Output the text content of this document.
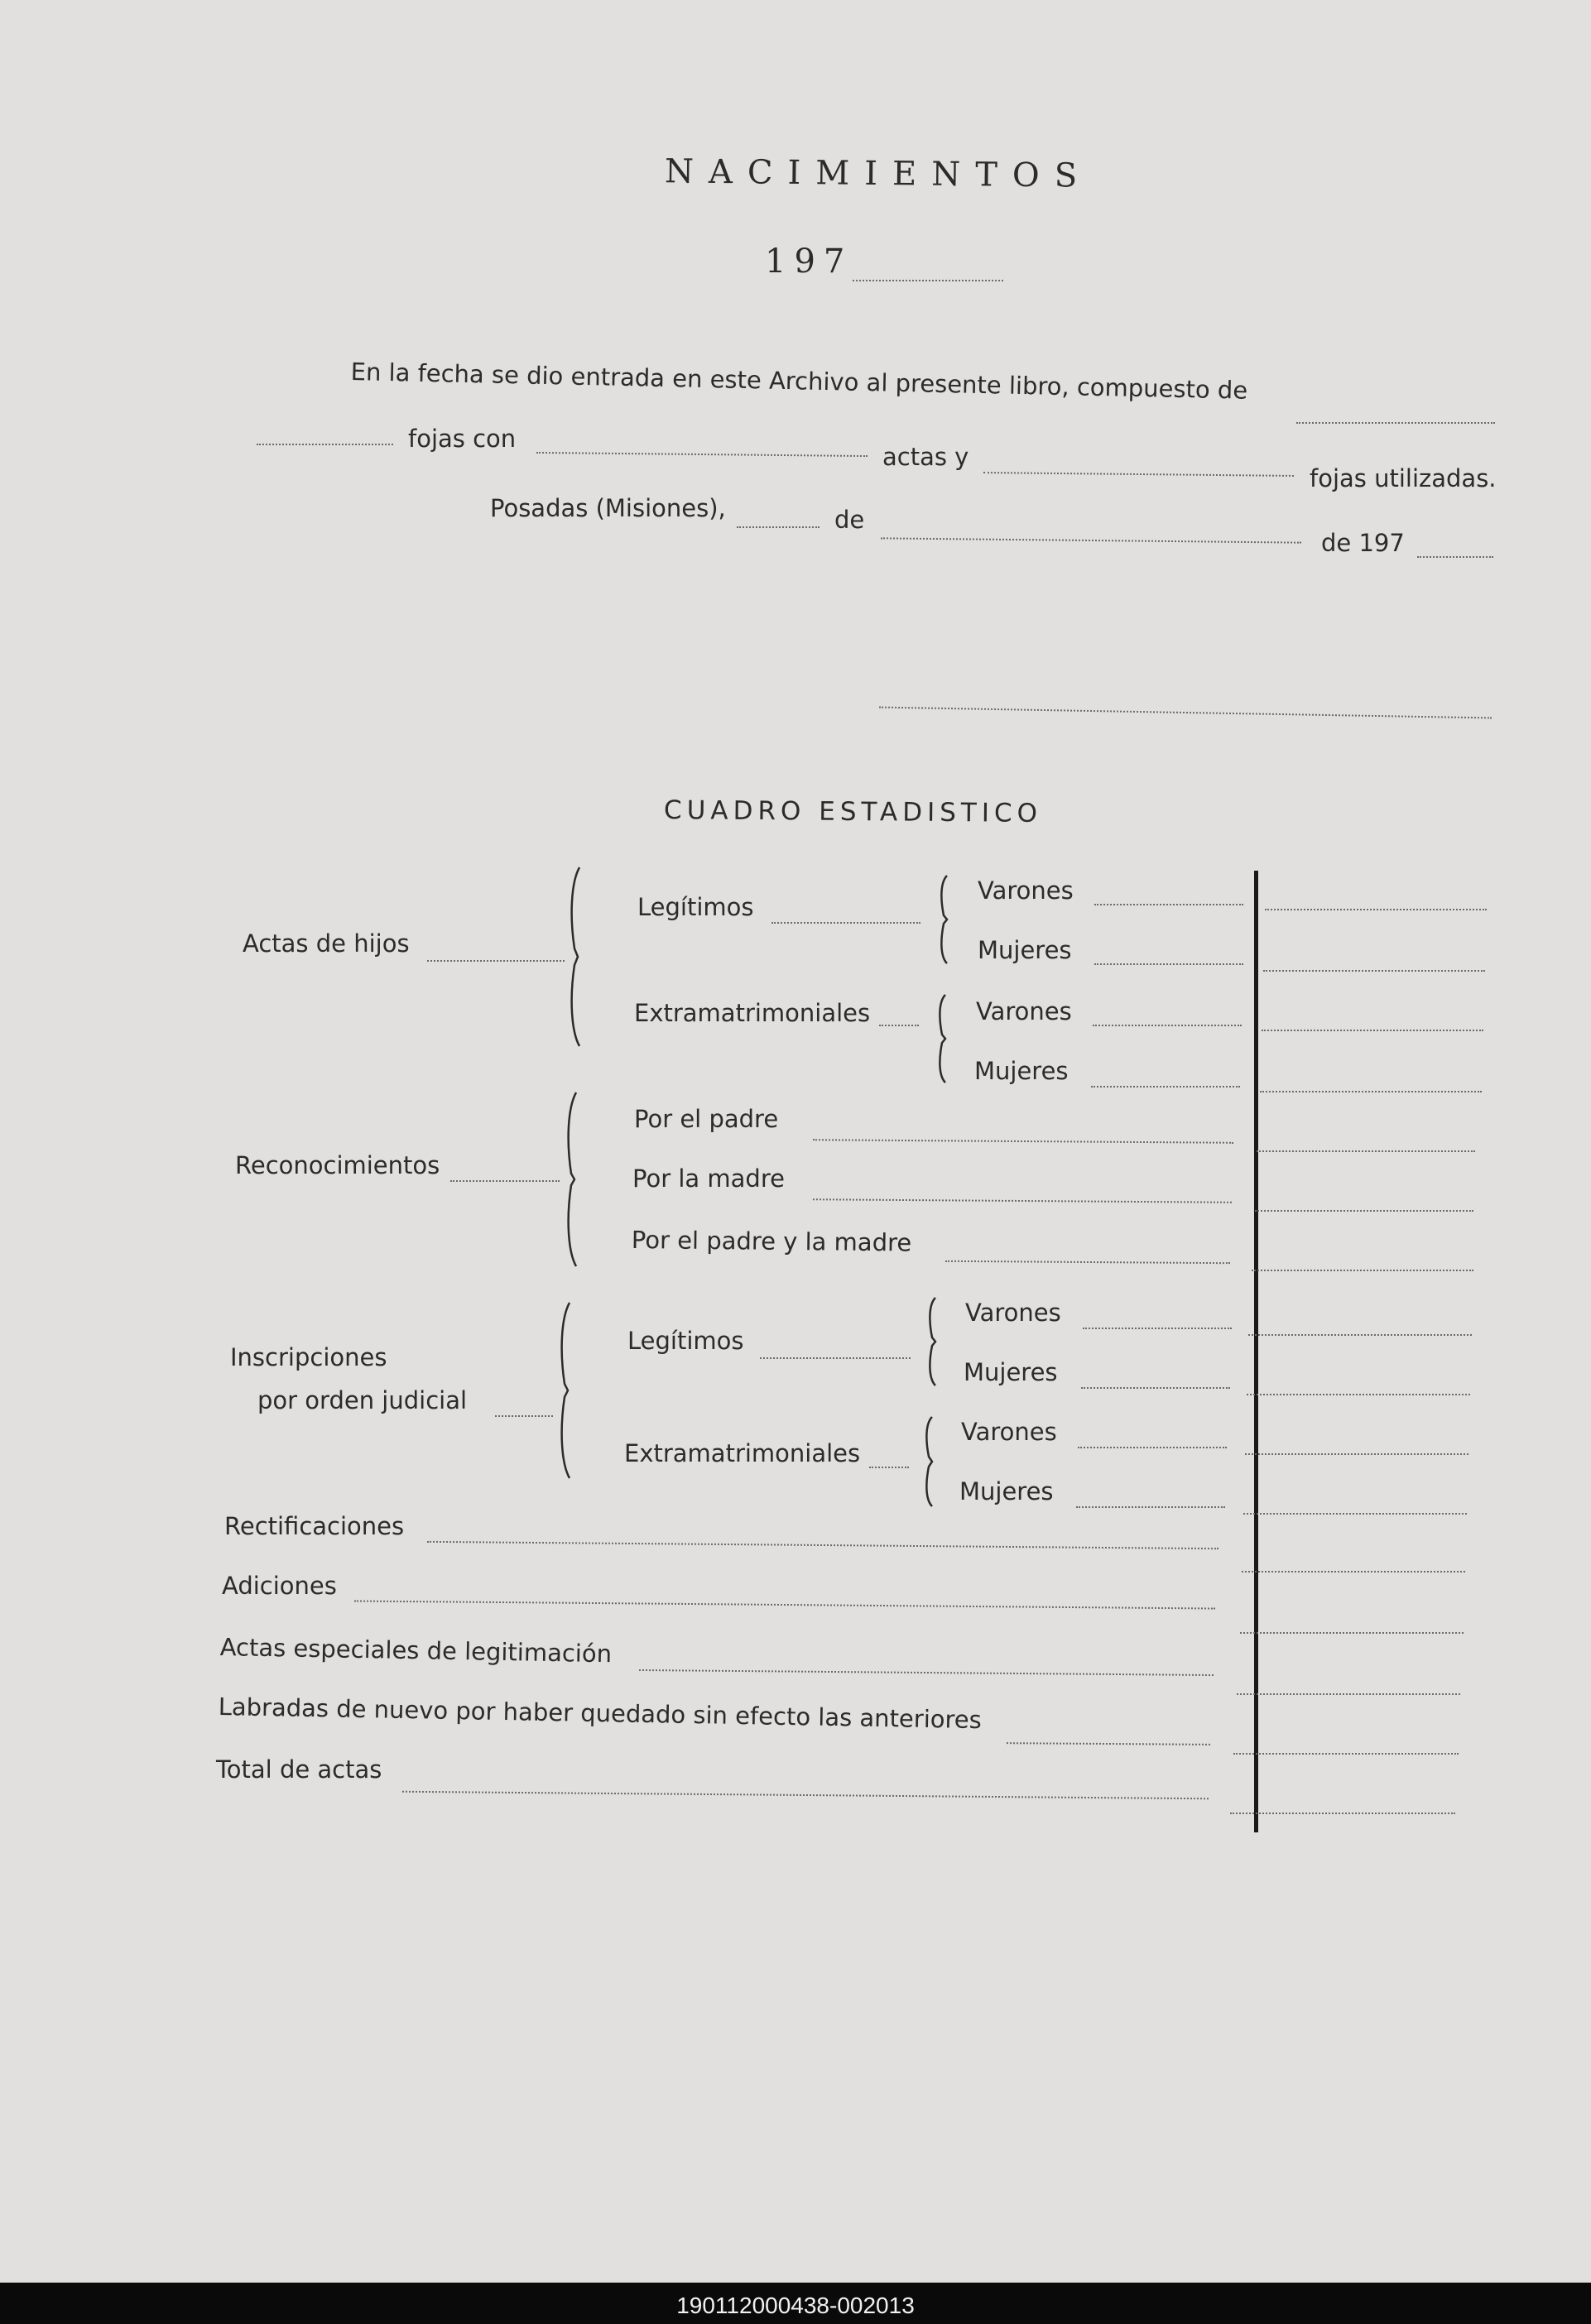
NACIMIENTOS
197
En la fecha se dio entrada en este Archivo al presente libro, compuesto de
fojas con
actas y
fojas utilizadas.
Posadas (Misiones),	de
de 197
CUADRO ESTADISTICO
Actas de hijos
Legítimos
Varones
Mujeres
Extramatrimoniales	Varones
Mujeres
Reconocimientos
Por el padre
Por la madre
Por el padre y la madre
Inscripciones
por orden judicial
Legítimos
Varones
Mujeres
Extramatrimoniales
Varones
Mujeres
Rectificaciones
Adiciones
Actas especiales de legitimación
Labradas de nuevo por haber quedado sin efecto las anteriores
Total de actas
190112000438-002013
